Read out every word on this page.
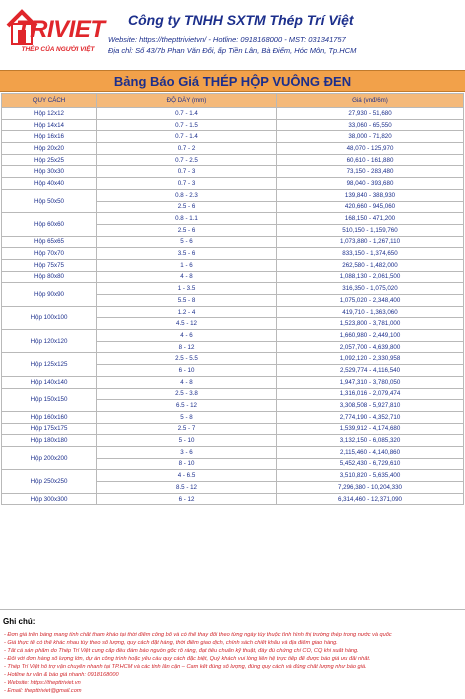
TRIVIET
THÉP CỦA NGƯỜI VIỆT
Công ty TNHH SXTM Thép Trí Việt
Website: https://thepttrivietvn/ - Hotline: 0918168000 - MST: 031341757
Địa chỉ: Số 43/7b Phan Văn Đối, ấp Tiền Lân, Bà Điểm, Hóc Môn, Tp.HCM
Bảng Báo Giá THÉP HỘP VUÔNG ĐEN
QUY CÁCH	ĐỘ DÀY (mm)	Giá (vnđ/6m)
Hộp 12x12	0.7 - 1.4	27,930 - 51,680
Hộp 14x14	0.7 - 1.5	33,060 - 65,550
Hộp 16x16	0.7 - 1.4	38,000 - 71,820
Hộp 20x20	0.7 - 2	48,070 - 125,970
Hộp 25x25	0.7 - 2.5	60,610 - 161,880
Hộp 30x30	0.7 - 3	73,150 - 283,480
Hộp 40x40	0.7 - 3	98,040 - 393,680
Hộp 50x50	0.8 - 2.3	139,840 - 388,930
	2.5 - 6	420,660 - 945,060
Hộp 60x60	0.8 - 1.1	168,150 - 471,200
	2.5 - 6	510,150 - 1,159,760
Hộp 65x65	5 - 6	1,073,880 - 1,267,110
Hộp 70x70	3.5 - 6	833,150 - 1,374,650
Hộp 75x75	1 - 6	262,580 - 1,482,000
Hộp 80x80	4 - 8	1,088,130 - 2,061,500
Hộp 90x90	1 - 3.5	316,350 - 1,075,020
	5.5 - 8	1,075,020 - 2,348,400
Hộp 100x100	1.2 - 4	419,710 - 1,363,060
	4.5 - 12	1,523,800 - 3,781,000
Hộp 120x120	4 - 6	1,660,980 - 2,449,100
	8 - 12	2,057,700 - 4,639,800
Hộp 125x125	2.5 - 5.5	1,092,120 - 2,330,958
	6 - 10	2,529,774 - 4,116,540
Hộp 140x140	4 - 8	1,947,310 - 3,780,050
Hộp 150x150	2.5 - 3.8	1,316,016 - 2,079,474
	6.5 - 12	3,308,508 - 5,927,810
Hộp 160x160	5 - 8	2,774,190 - 4,352,710
Hộp 175x175	2.5 - 7	1,539,912 - 4,174,680
Hộp 180x180	5 - 10	3,132,150 - 6,085,320
Hộp 200x200	3 - 6	2,115,460 - 4,140,860
	8 - 10	5,452,430 - 6,729,610
Hộp 250x250	4 - 6.5	3,510,820 - 5,635,400
	8.5 - 12	7,296,380 - 10,204,330
Hộp 300x300	6 - 12	6,314,460 - 12,371,090
Ghi chú:
- Đơn giá trên bảng mang tính chất tham khảo tại thời điểm công bố và có thể thay đổi theo từng ngày tùy thuộc tình hình thị trường thép trong nước và quốc
- Giá thực tế có thể khác nhau tùy theo số lượng, quy cách đặt hàng, thời điểm giao dịch, chính sách chiết khấu và địa điểm giao hàng.
- Tất cả sản phẩm do Thép Trí Việt cung cấp đều đảm bảo nguồn gốc rõ ràng, đạt tiêu chuẩn kỹ thuật, đầy đủ chứng chỉ CO, CQ khi xuất hàng.
- Đối với đơn hàng số lượng lớn, dự án công trình hoặc yêu cầu quy cách đặc biệt, Quý khách vui lòng liên hệ trực tiếp để được báo giá ưu đãi nhất.
- Thép Trí Việt hỗ trợ vận chuyển nhanh tại TP.HCM và các tỉnh lân cận – Cam kết đúng số lượng, đúng quy cách và đúng chất lượng như báo giá.
- Hotline tư vấn & báo giá nhanh: 0918168000
- Website: https://thepttriviet.vn
- Email: thepttriviet@gmail.com
